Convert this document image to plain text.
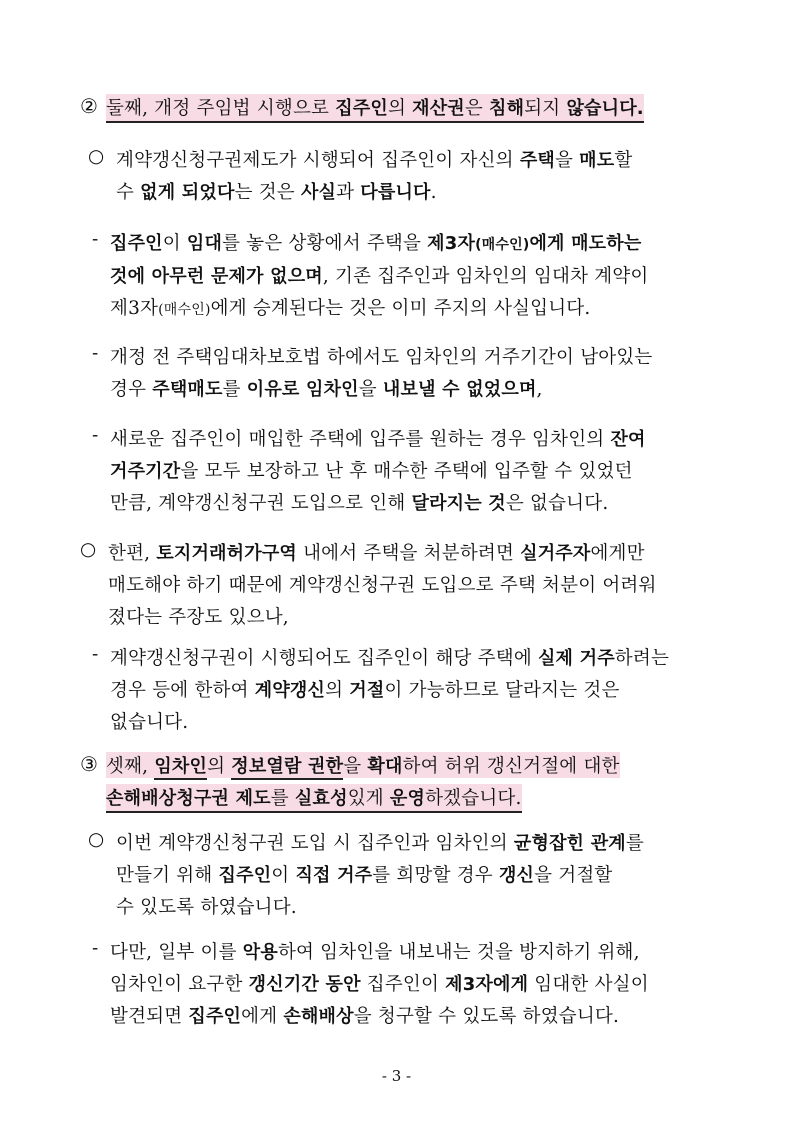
② 둘째, 개정 주임법 시행으로 집주인의 재산권은 침해되지 않습니다.
○ 계약갱신청구권제도가 시행되어 집주인이 자신의 주택을 매도할
수 없게 되었다는 것은 사실과 다릅니다.
- 집주인이 임대를 놓은 상황에서 주택을 제3자(매수인)에게 매도하는
것에 아무런 문제가 없으며, 기존 집주인과 임차인의 임대차 계약이
제3자(매수인)에게 승계된다는 것은 이미 주지의 사실입니다.
- 개정 전 주택임대차보호법 하에서도 임차인의 거주기간이 남아있는
경우 주택매도를 이유로 임차인을 내보낼 수 없었으며,
- 새로운 집주인이 매입한 주택에 입주를 원하는 경우 임차인의 잔여
거주기간을 모두 보장하고 난 후 매수한 주택에 입주할 수 있었던
만큼, 계약갱신청구권 도입으로 인해 달라지는 것은 없습니다.
○ 한편, 토지거래허가구역 내에서 주택을 처분하려면 실거주자에게만
매도해야 하기 때문에 계약갱신청구권 도입으로 주택 처분이 어려워
졌다는 주장도 있으나,
- 계약갱신청구권이 시행되어도 집주인이 해당 주택에 실제 거주하려는
경우 등에 한하여 계약갱신의 거절이 가능하므로 달라지는 것은
없습니다.
③ 셋째, 임차인의 정보열람 권한을 확대하여 허위 갱신거절에 대한
손해배상청구권 제도를 실효성있게 운영하겠습니다.
○ 이번 계약갱신청구권 도입 시 집주인과 임차인의 균형잡힌 관계를
만들기 위해 집주인이 직접 거주를 희망할 경우 갱신을 거절할
수 있도록 하였습니다.
- 다만, 일부 이를 악용하여 임차인을 내보내는 것을 방지하기 위해,
임차인이 요구한 갱신기간 동안 집주인이 제3자에게 임대한 사실이
발견되면 집주인에게 손해배상을 청구할 수 있도록 하였습니다.
- 3 -
